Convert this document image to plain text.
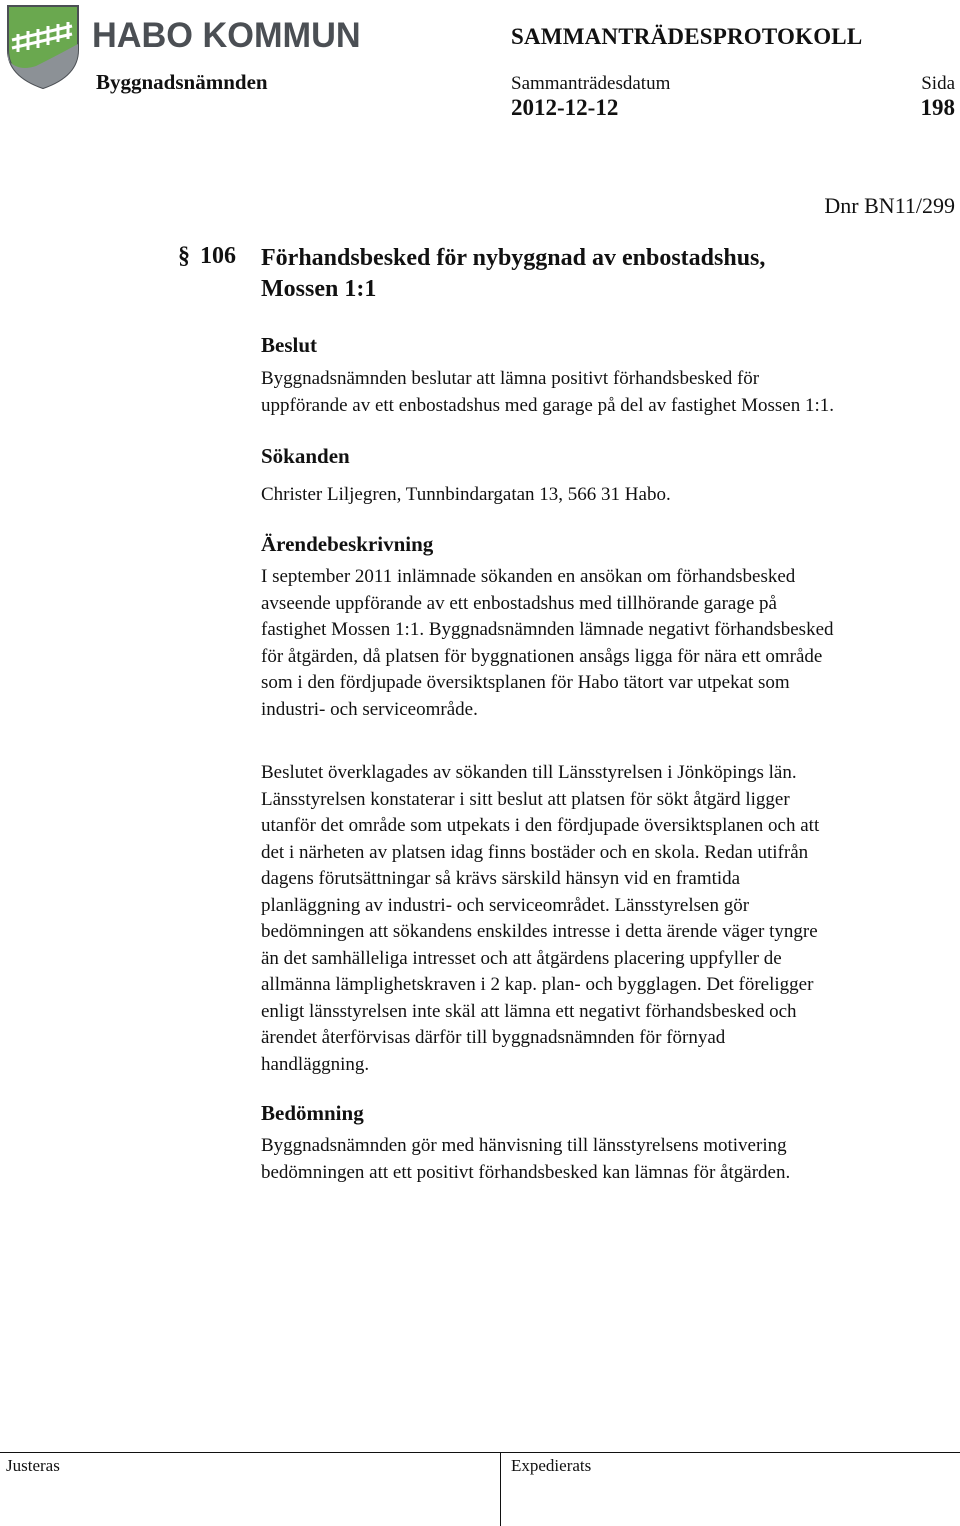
HABO KOMMUN
Byggnadsnämnden
SAMMANTRÄDESPROTOKOLL
Sammanträdesdatum
2012-12-12
Sida
198
Dnr BN11/299
§ 106 Förhandsbesked för nybyggnad av enbostadshus,
Mossen 1:1
Beslut
Byggnadsnämnden beslutar att lämna positivt förhandsbesked för
uppförande av ett enbostadshus med garage på del av fastighet Mossen 1:1.
Sökanden
Christer Liljegren, Tunnbindargatan 13, 566 31 Habo.
Ärendebeskrivning
I september 2011 inlämnade sökanden en ansökan om förhandsbesked
avseende uppförande av ett enbostadshus med tillhörande garage på
fastighet Mossen 1:1. Byggnadsnämnden lämnade negativt förhandsbesked
för åtgärden, då platsen för byggnationen ansågs ligga för nära ett område
som i den fördjupade översiktsplanen för Habo tätort var utpekat som
industri- och serviceområde.
Beslutet överklagades av sökanden till Länsstyrelsen i Jönköpings län.
Länsstyrelsen konstaterar i sitt beslut att platsen för sökt åtgärd ligger
utanför det område som utpekats i den fördjupade översiktsplanen och att
det i närheten av platsen idag finns bostäder och en skola. Redan utifrån
dagens förutsättningar så krävs särskild hänsyn vid en framtida
planläggning av industri- och serviceområdet. Länsstyrelsen gör
bedömningen att sökandens enskildes intresse i detta ärende väger tyngre
än det samhälleliga intresset och att åtgärdens placering uppfyller de
allmänna lämplighetskraven i 2 kap. plan- och bygglagen. Det föreligger
enligt länsstyrelsen inte skäl att lämna ett negativt förhandsbesked och
ärendet återförvisas därför till byggnadsnämnden för förnyad
handläggning.
Bedömning
Byggnadsnämnden gör med hänvisning till länsstyrelsens motivering
bedömningen att ett positivt förhandsbesked kan lämnas för åtgärden.
Justeras	Expedierats
